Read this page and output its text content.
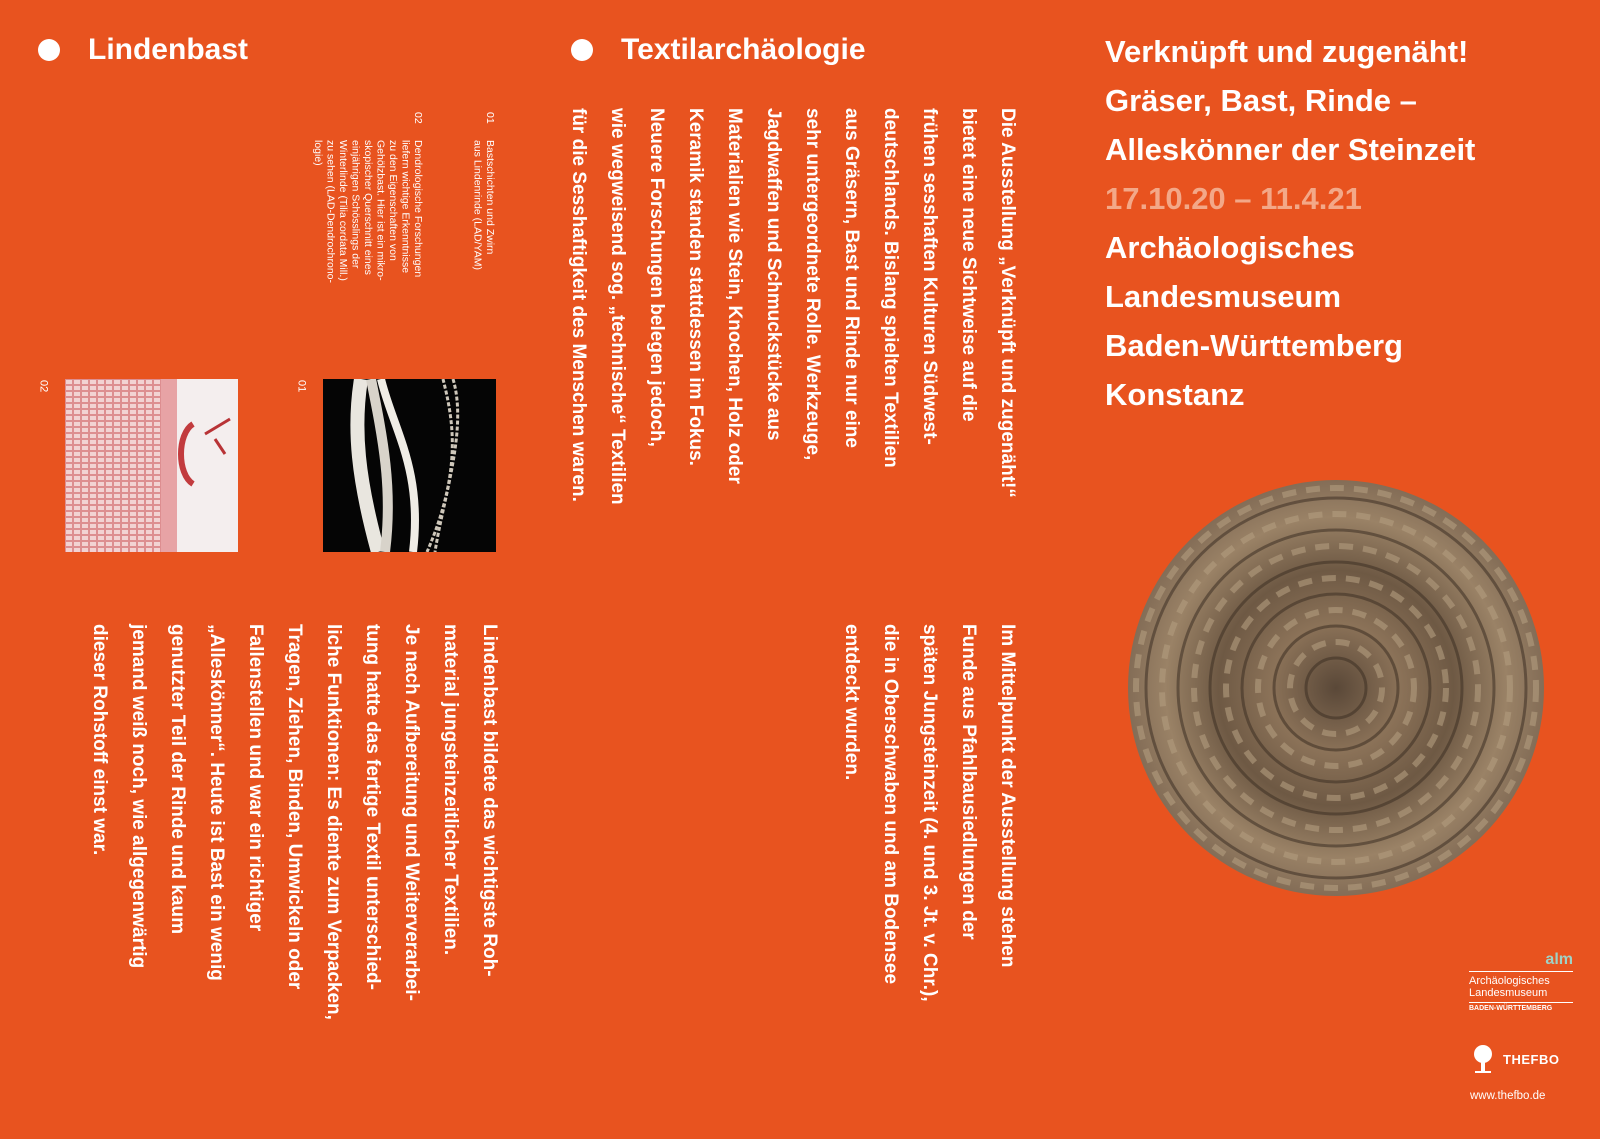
Lindenbast	Textilarchäologie	Verknüpft und zugenäht!
Gräser, Bast, Rinde –
Alleskönner der Steinzeit
17.10.20 – 11.4.21
Archäologisches
Landesmuseum
Baden-Württemberg
Konstanz
Die Ausstellung „Verknüpft und zugenäht!“
bietet eine neue Sichtweise auf die
frühen sesshaften Kulturen Südwest-
deutschlands. Bislang spielten Textilien
aus Gräsern, Bast und Rinde nur eine
sehr untergeordnete Rolle. Werkzeuge,
Jagdwaffen und Schmuckstücke aus
Materialien wie Stein, Knochen, Holz oder
Keramik standen stattdessen im Fokus.
Neuere Forschungen belegen jedoch,
wie wegweisend sog. „technische“ Textilien
für die Sesshaftigkeit des Menschen waren.
Im Mittelpunkt der Ausstellung stehen
Funde aus Pfahlbausiedlungen der
späten Jungsteinzeit (4. und 3. Jt. v. Chr.),
die in Oberschwaben und am Bodensee
entdeckt wurden.
Lindenbast bildete das wichtigste Roh-
material jungsteinzeitlicher Textilien.
Je nach Aufbereitung und Weiterverarbei-
tung hatte das fertige Textil unterschied-
liche Funktionen: Es diente zum Verpacken,
Tragen, Ziehen, Binden, Umwickeln oder
Fallenstellen und war ein richtiger
„Alleskönner“. Heute ist Bast ein wenig
genutzter Teil der Rinde und kaum
jemand weiß noch, wie allgegenwärtig
dieser Rohstoff einst war.
01
Bastschichten und Zwirn
aus Lindenrinde (LAD/YAM)
02
Dendrologische Forschungen
liefern wichtige Erkenntnisse
zu den Eigenschaften von
Gehölzbast. Hier ist ein mikro-
skopischer Querschnitt eines
einjährigen Schösslings der
Winterlinde (Tilia cordata Mill.)
zu sehen (LAD-Dendrochrono-
logie)
01
02
alm
Archäologisches
Landesmuseum
BADEN-WÜRTTEMBERG
THEFBO
www.thefbo.de
